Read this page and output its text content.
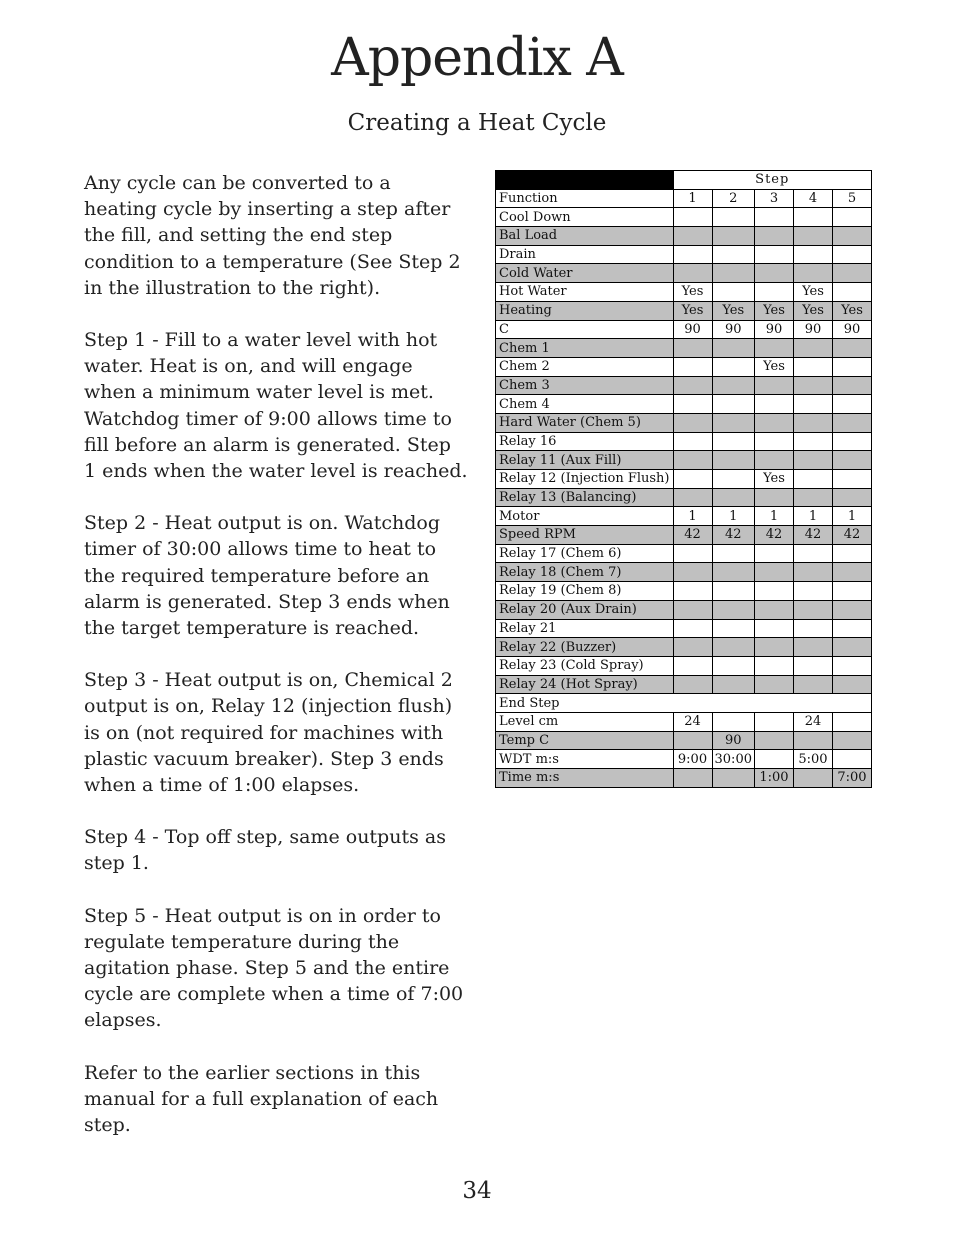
Appendix A
Creating a Heat Cycle

Any cycle can be converted to a heating cycle by inserting a step after the fill, and setting the end step condition to a temperature (See Step 2 in the illustration to the right).

Step 1 - Fill to a water level with hot water. Heat is on, and will engage when a minimum water level is met. Watchdog timer of 9:00 allows time to fill before an alarm is generated. Step 1 ends when the water level is reached.

Step 2 - Heat output is on. Watchdog timer of 30:00 allows time to heat to the required temperature before an alarm is generated. Step 3 ends when the target temperature is reached.

Step 3 - Heat output is on, Chemical 2 output is on, Relay 12 (injection flush) is on (not required for machines with plastic vacuum breaker). Step 3 ends when a time of 1:00 elapses.

Step 4 - Top off step, same outputs as step 1.

Step 5 - Heat output is on in order to regulate temperature during the agitation phase. Step 5 and the entire cycle are complete when a time of 7:00 elapses.

Refer to the earlier sections in this manual for a full explanation of each step.

	Step				
Function	1	2	3	4	5
Cool Down					
Bal Load					
Drain					
Cold Water					
Hot Water	Yes			Yes	
Heating	Yes	Yes	Yes	Yes	Yes
C	90	90	90	90	90
Chem 1					
Chem 2			Yes		
Chem 3					
Chem 4					
Hard Water (Chem 5)					
Relay 16					
Relay 11 (Aux Fill)					
Relay 12 (Injection Flush)			Yes		
Relay 13 (Balancing)					
Motor	1	1	1	1	1
Speed RPM	42	42	42	42	42
Relay 17 (Chem 6)					
Relay 18 (Chem 7)					
Relay 19 (Chem 8)					
Relay 20 (Aux Drain)					
Relay 21					
Relay 22 (Buzzer)					
Relay 23 (Cold Spray)					
Relay 24 (Hot Spray)					
End Step					
Level cm	24			24	
Temp C		90			
WDT m:s	9:00	30:00		5:00	
Time m:s			1:00		7:00
34
